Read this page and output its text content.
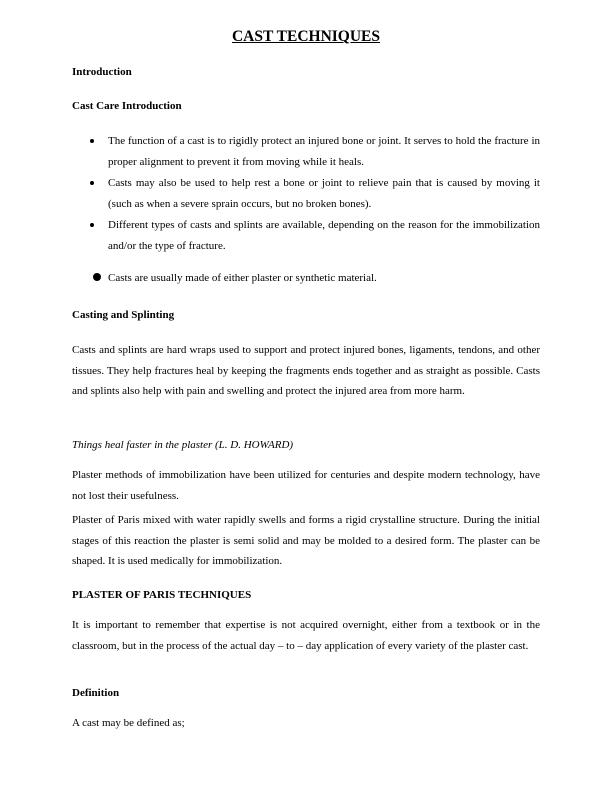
CAST TECHNIQUES
Introduction
Cast Care Introduction
The function of a cast is to rigidly protect an injured bone or joint. It serves to hold the fracture in proper alignment to prevent it from moving while it heals.
Casts may also be used to help rest a bone or joint to relieve pain that is caused by moving it (such as when a severe sprain occurs, but no broken bones).
Different types of casts and splints are available, depending on the reason for the immobilization and/or the type of fracture.
Casts are usually made of either plaster or synthetic material.
Casting and Splinting
Casts and splints are hard wraps used to support and protect injured bones, ligaments, tendons, and other tissues. They help fractures heal by keeping the fragments ends together and as straight as possible. Casts and splints also help with pain and swelling and protect the injured area from more harm.
Things heal faster in the plaster (L. D. HOWARD)
Plaster methods of immobilization have been utilized for centuries and despite modern technology, have not lost their usefulness.
Plaster of Paris mixed with water rapidly swells and forms a rigid crystalline structure. During the initial stages of this reaction the plaster is semi solid and may be molded to a desired form. The plaster can be shaped. It is used medically for immobilization.
PLASTER OF PARIS TECHNIQUES
It is important to remember that expertise is not acquired overnight, either from a textbook or in the classroom, but in the process of the actual day – to – day application of every variety of the plaster cast.
Definition
A cast may be defined as;
